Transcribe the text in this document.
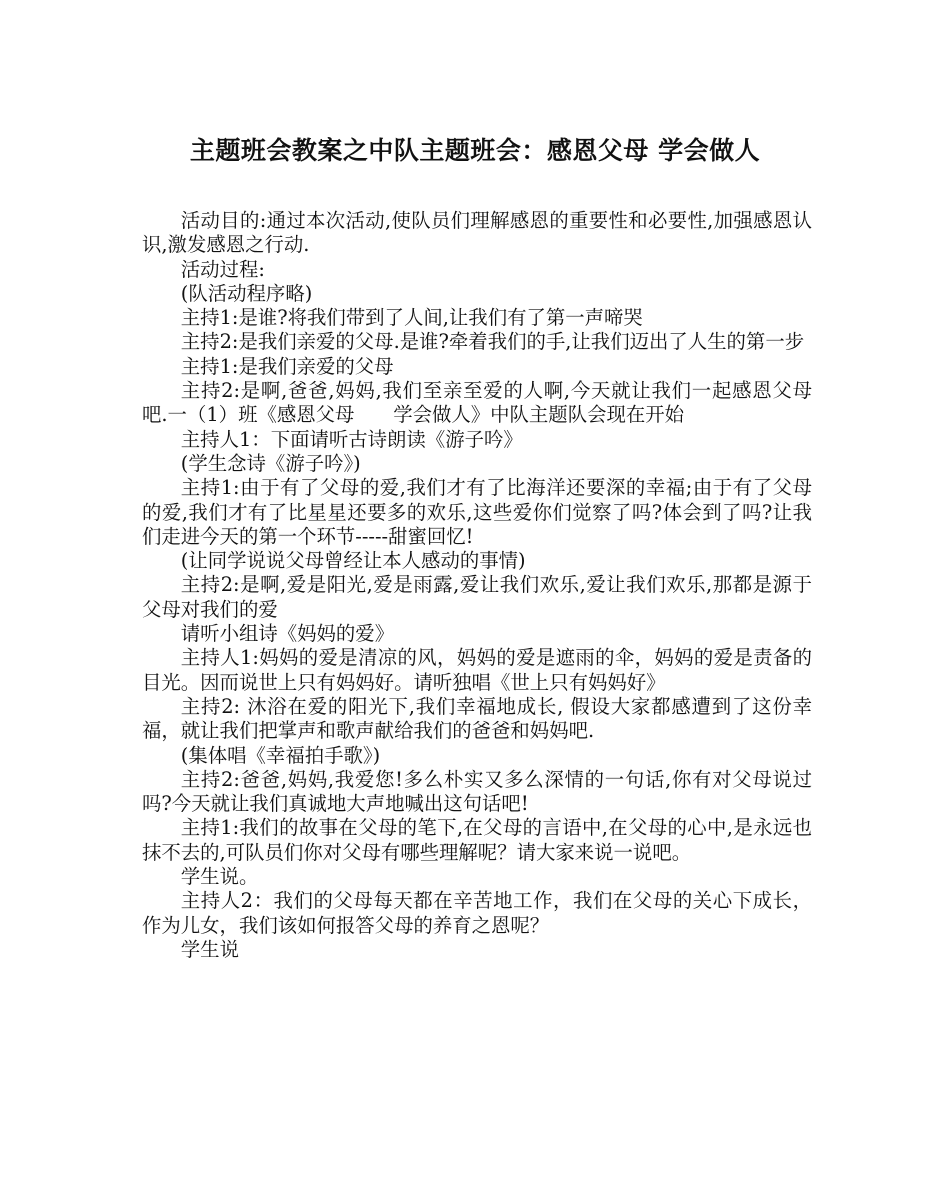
主题班会教案之中队主题班会：感恩父母 学会做人

活动目的:通过本次活动,使队员们理解感恩的重要性和必要性,加强感恩认识,激发感恩之行动.

活动过程:

(队活动程序略)

主持1:是谁?将我们带到了人间,让我们有了第一声啼哭

主持2:是我们亲爱的父母.是谁?牵着我们的手,让我们迈出了人生的第一步

主持1:是我们亲爱的父母

主持2:是啊,爸爸,妈妈,我们至亲至爱的人啊,今天就让我们一起感恩父母吧.一（1）班《感恩父母　　学会做人》中队主题队会现在开始

主持人1：下面请听古诗朗读《游子吟》

(学生念诗《游子吟》)

主持1:由于有了父母的爱,我们才有了比海洋还要深的幸福;由于有了父母的爱,我们才有了比星星还要多的欢乐,这些爱你们觉察了吗?体会到了吗?让我们走进今天的第一个环节-----甜蜜回忆!

(让同学说说父母曾经让本人感动的事情)

主持2:是啊,爱是阳光,爱是雨露,爱让我们欢乐,爱让我们欢乐,那都是源于父母对我们的爱

请听小组诗《妈妈的爱》

主持人1:妈妈的爱是清凉的风，妈妈的爱是遮雨的伞，妈妈的爱是责备的目光。因而说世上只有妈妈好。请听独唱《世上只有妈妈好》

主持2: 沐浴在爱的阳光下,我们幸福地成长, 假设大家都感遭到了这份幸福，就让我们把掌声和歌声献给我们的爸爸和妈妈吧.

(集体唱《幸福拍手歌》)

主持2:爸爸,妈妈,我爱您!多么朴实又多么深情的一句话,你有对父母说过吗?今天就让我们真诚地大声地喊出这句话吧!

主持1:我们的故事在父母的笔下,在父母的言语中,在父母的心中,是永远也抹不去的,可队员们你对父母有哪些理解呢？请大家来说一说吧。

学生说。

主持人2：我们的父母每天都在辛苦地工作，我们在父母的关心下成长，作为儿女，我们该如何报答父母的养育之恩呢？

学生说
